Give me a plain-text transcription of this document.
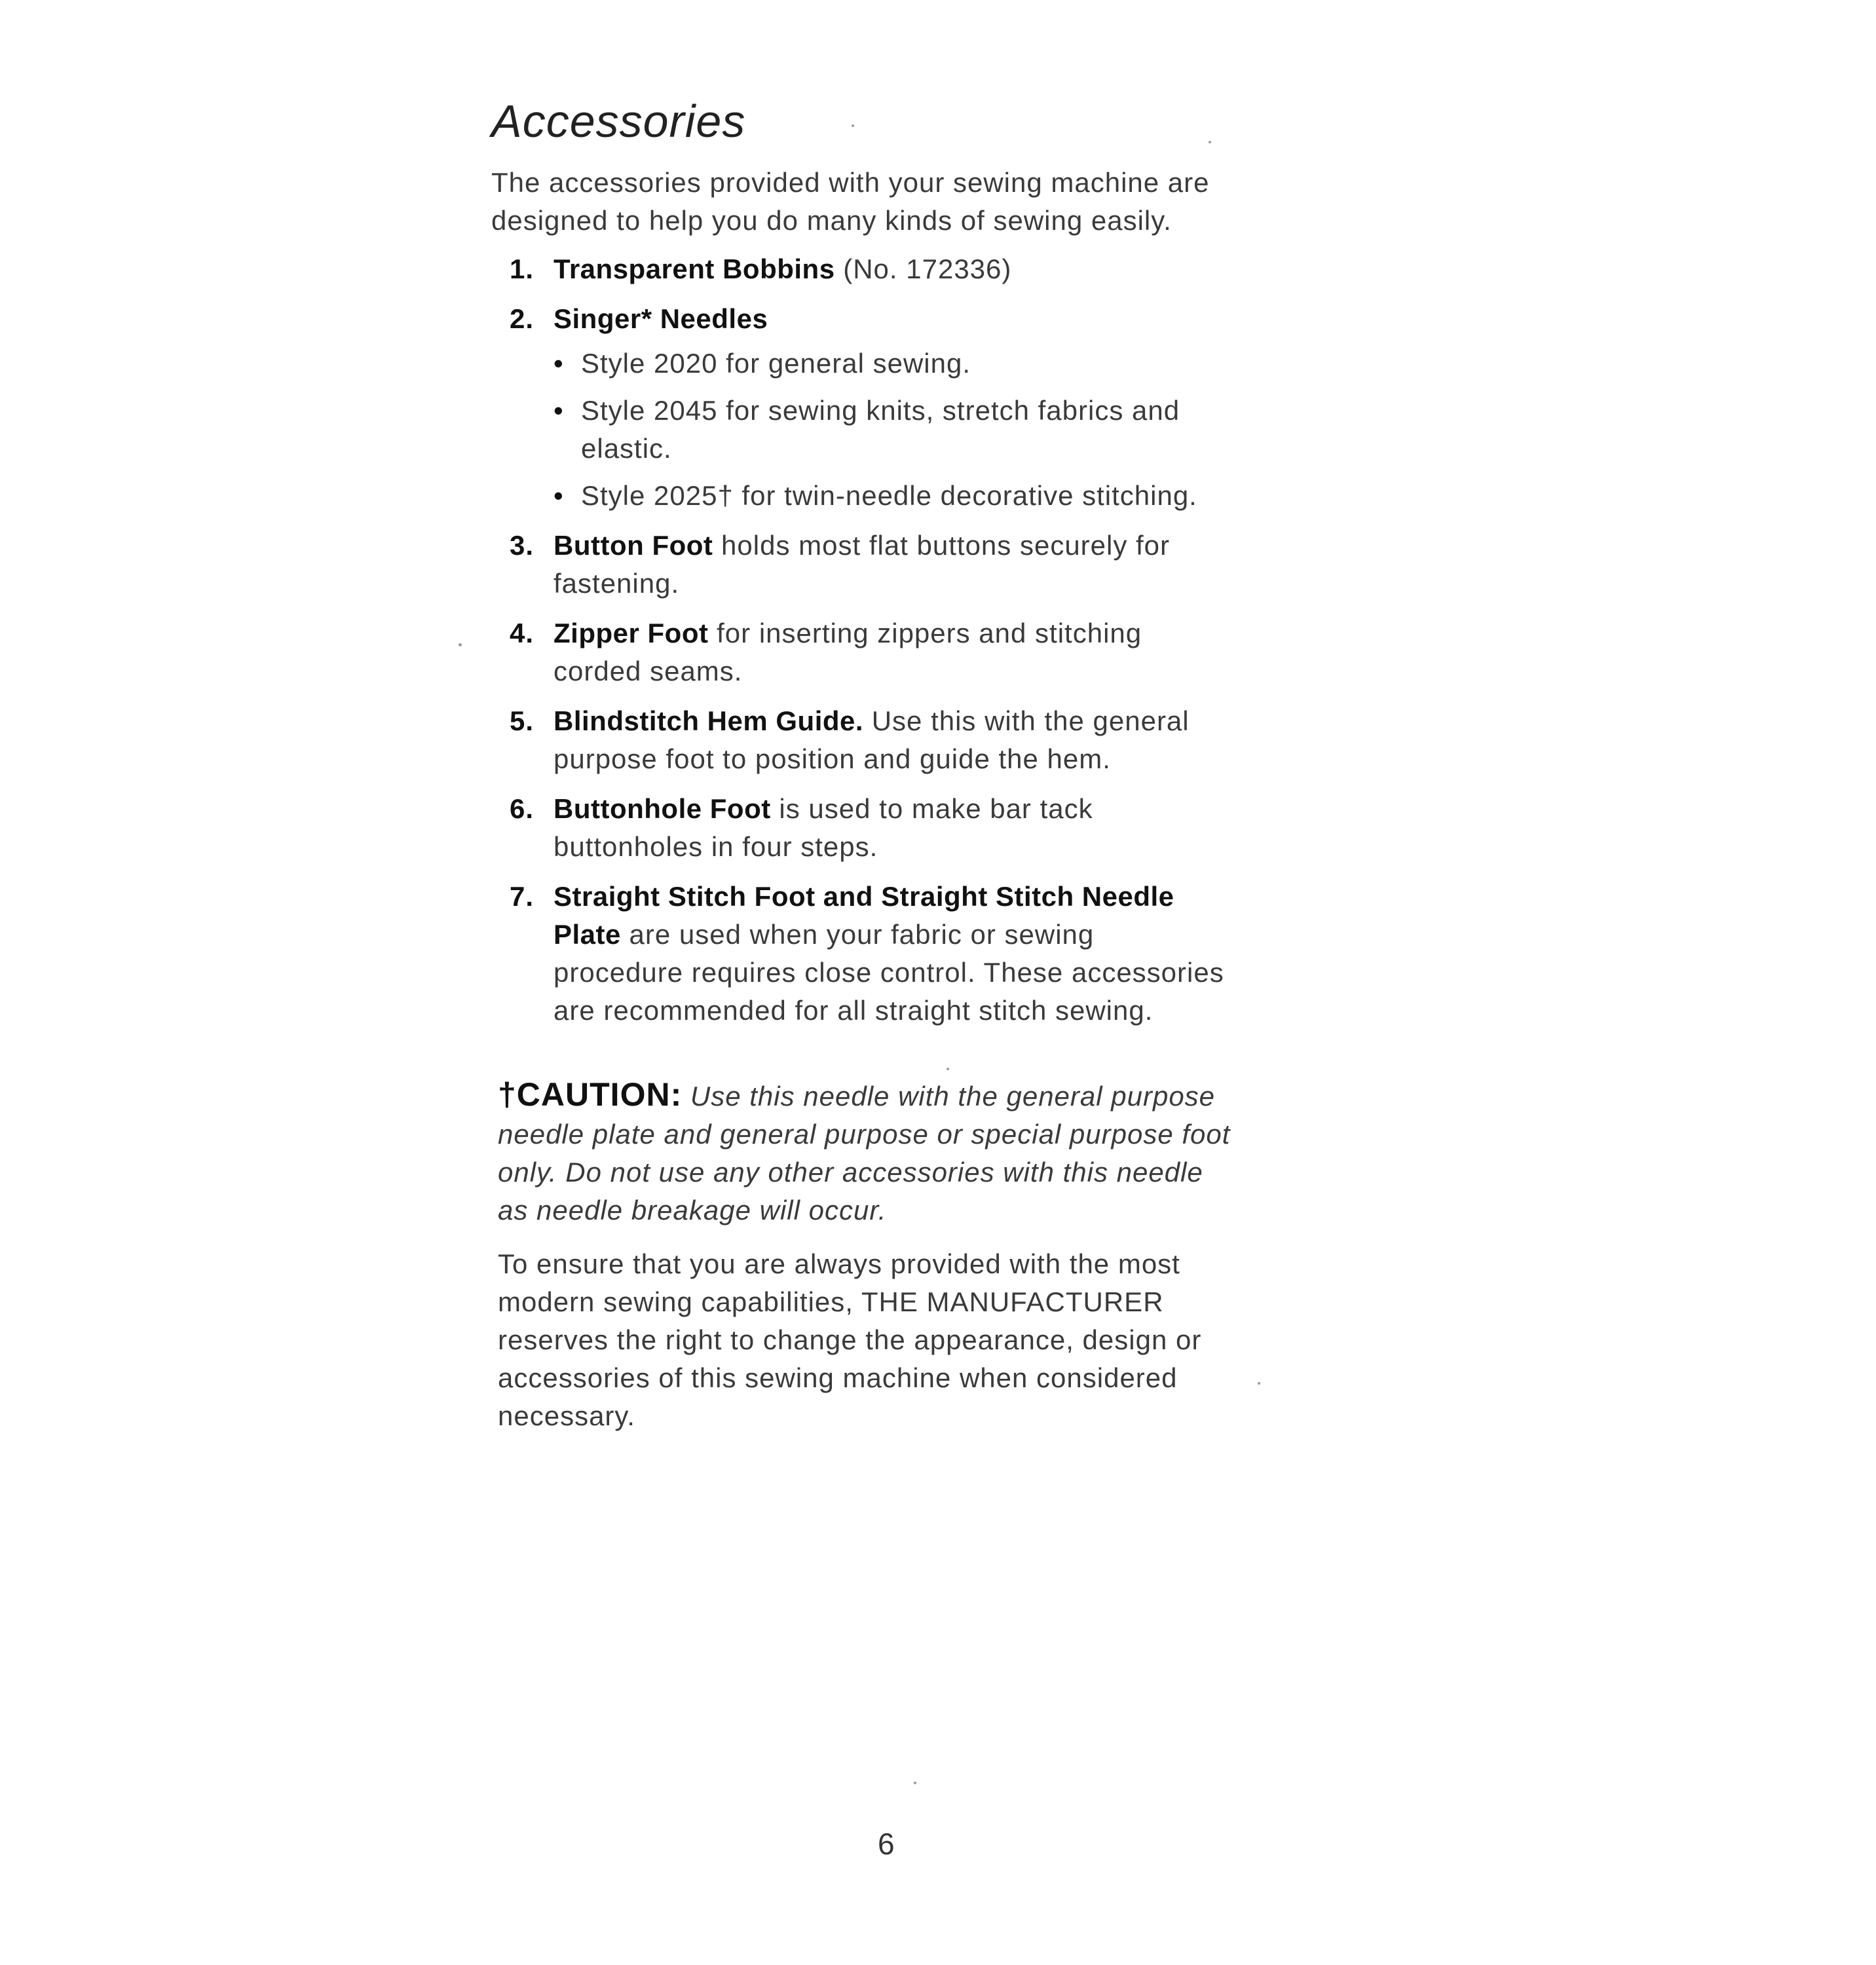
Accessories

The accessories provided with your sewing machine are designed to help you do many kinds of sewing easily.

1. Transparent Bobbins (No. 172336)
2. Singer* Needles
• Style 2020 for general sewing.
• Style 2045 for sewing knits, stretch fabrics and elastic.
• Style 2025† for twin-needle decorative stitching.
3. Button Foot holds most flat buttons securely for fastening.
4. Zipper Foot for inserting zippers and stitching corded seams.
5. Blindstitch Hem Guide. Use this with the general purpose foot to position and guide the hem.
6. Buttonhole Foot is used to make bar tack buttonholes in four steps.
7. Straight Stitch Foot and Straight Stitch Needle Plate are used when your fabric or sewing procedure requires close control. These accessories are recommended for all straight stitch sewing.

†CAUTION: Use this needle with the general purpose needle plate and general purpose or special purpose foot only. Do not use any other accessories with this needle as needle breakage will occur.

To ensure that you are always provided with the most modern sewing capabilities, THE MANUFACTURER reserves the right to change the appearance, design or accessories of this sewing machine when considered necessary.

6
